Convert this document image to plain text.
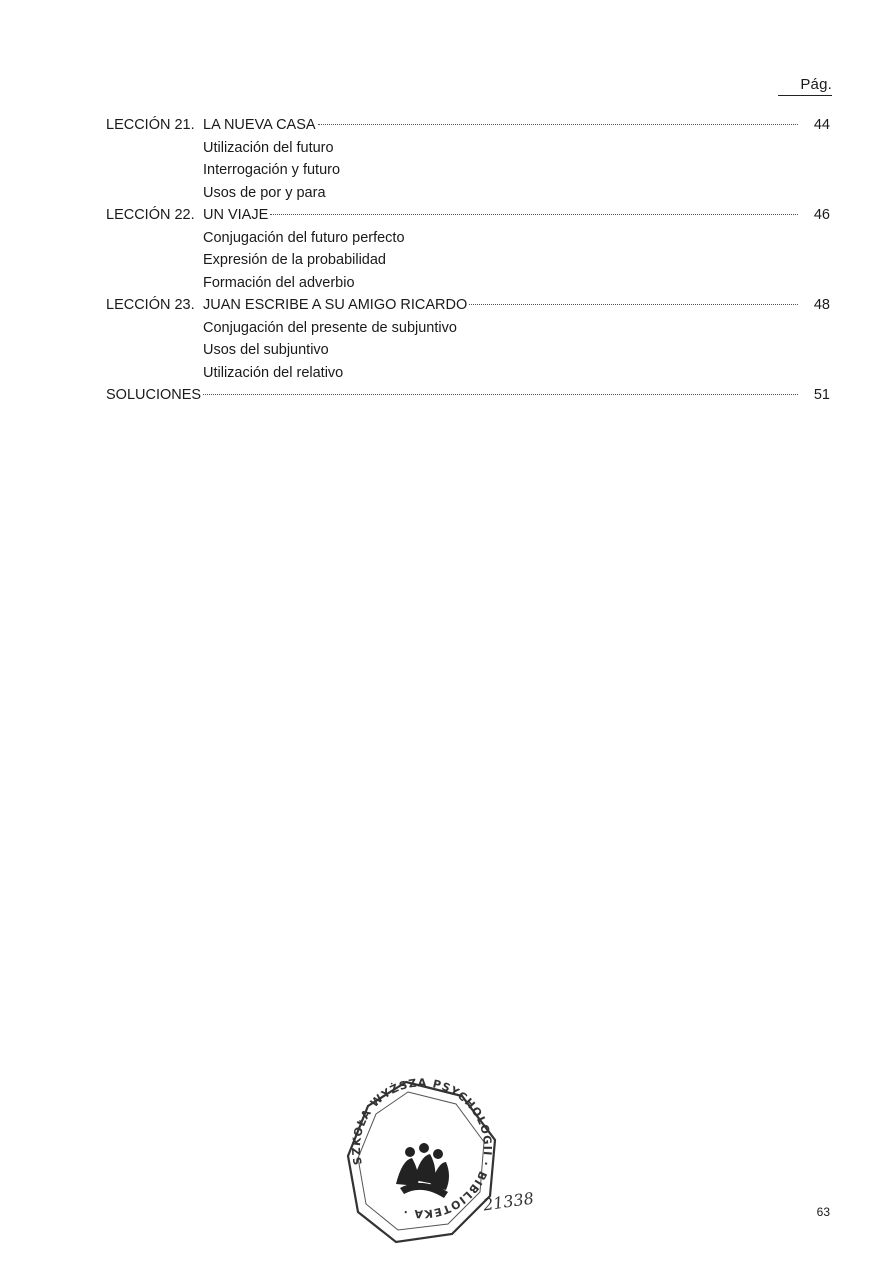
Pág.
LECCIÓN 21. LA NUEVA CASA	44
Utilización del futuro
Interrogación y futuro
Usos de por y para
LECCIÓN 22. UN VIAJE	46
Conjugación del futuro perfecto
Expresión de la probabilidad
Formación del adverbio
LECCIÓN 23. JUAN ESCRIBE A SU AMIGO RICARDO	48
Conjugación del presente de subjuntivo
Usos del subjuntivo
Utilización del relativo
SOLUCIONES	51
SZKOŁA WYŻSZA PSYCHOLOGII · BIBLIOTEKA ·	21338	63
